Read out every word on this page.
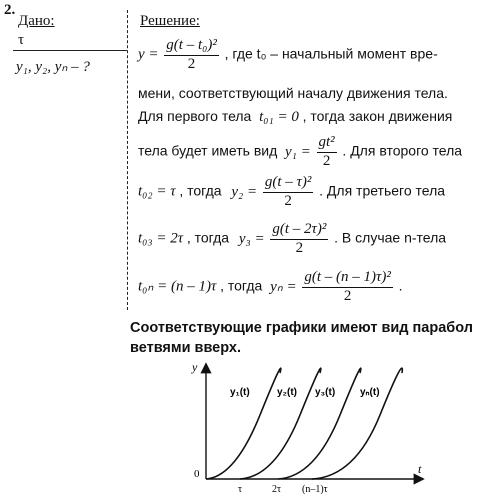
2.
Дано:
τ
y₁, y₂, yₙ – ?
Решение:
$y = \frac{\text{g(t – t₀)²}}{2}$ , где t₀ – начальный момент вре-
мени, соответствующий началу движения тела.
Для первого тела t₀₁ = 0 , тогда закон движения
тела будет иметь вид $y_1 = \frac{\text{gt²}}{2}$ . Для второго тела
t₀₂ = τ , тогда $y_2 = \frac{\text{g(t – τ)²}}{2}$ . Для третьего тела
t₀₃ = 2τ , тогда $y_3 = \frac{\text{g(t – 2τ)²}}{2}$ . В случае n-тела
t₀ₙ = (n – 1)τ , тогда $y_n = \frac{\text{g(t – (n – 1)τ)²}}{2}$ .
Соответствующие графики имеют вид парабол
ветвями вверх.
y
t
0
y₁(t)	y₂(t) y₃(t) yₙ(t)
τ	2τ (n–1)τ
